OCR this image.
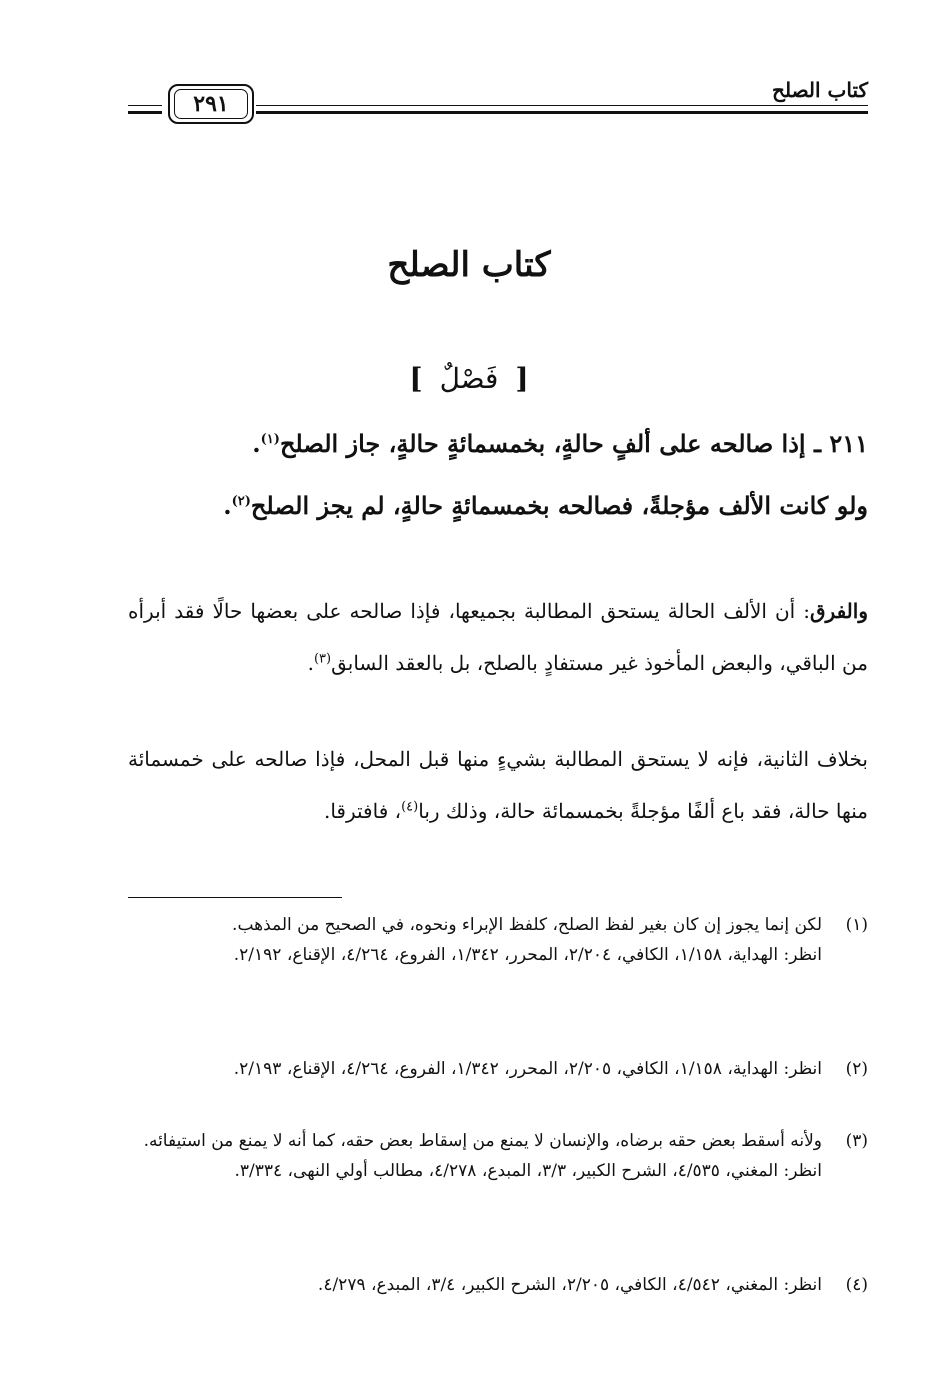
كتاب الصلح
٢٩١
كتاب الصلح
[ فَصْلٌ ]
٢١١ ـ إذا صالحه على ألفٍ حالةٍ، بخمسمائةٍ حالةٍ، جاز الصلح$^{(١)}$.
ولو كانت الألف مؤجلةً، فصالحه بخمسمائةٍ حالةٍ، لم يجز الصلح$^{(٢)}$.
والفرق: أن الألف الحالة يستحق المطالبة بجميعها، فإذا صالحه على بعضها حالًا فقد أبرأه من الباقي، والبعض المأخوذ غير مستفادٍ بالصلح، بل بالعقد السابق$^{(٣)}$.
بخلاف الثانية، فإنه لا يستحق المطالبة بشيءٍ منها قبل المحل، فإذا صالحه على خمسمائة منها حالة، فقد باع ألفًا مؤجلةً بخمسمائة حالة، وذلك ربا$^{(٤)}$، فافترقا.
(١)لكن إنما يجوز إن كان بغير لفظ الصلح، كلفظ الإبراء ونحوه، في الصحيح من المذهب.
انظر: الهداية، ١/١٥٨، الكافي، ٢/٢٠٤، المحرر، ١/٣٤٢، الفروع، ٤/٢٦٤، الإقناع، ٢/١٩٢.
(٢)انظر: الهداية، ١/١٥٨، الكافي، ٢/٢٠٥، المحرر، ١/٣٤٢، الفروع، ٤/٢٦٤، الإقناع، ٢/١٩٣.
(٣)ولأنه أسقط بعض حقه برضاه، والإنسان لا يمنع من إسقاط بعض حقه، كما أنه لا يمنع من استيفائه.
انظر: المغني، ٤/٥٣٥، الشرح الكبير، ٣/٣، المبدع، ٤/٢٧٨، مطالب أولي النهى، ٣/٣٣٤.
(٤)انظر: المغني، ٤/٥٤٢، الكافي، ٢/٢٠٥، الشرح الكبير، ٣/٤، المبدع، ٤/٢٧٩.
